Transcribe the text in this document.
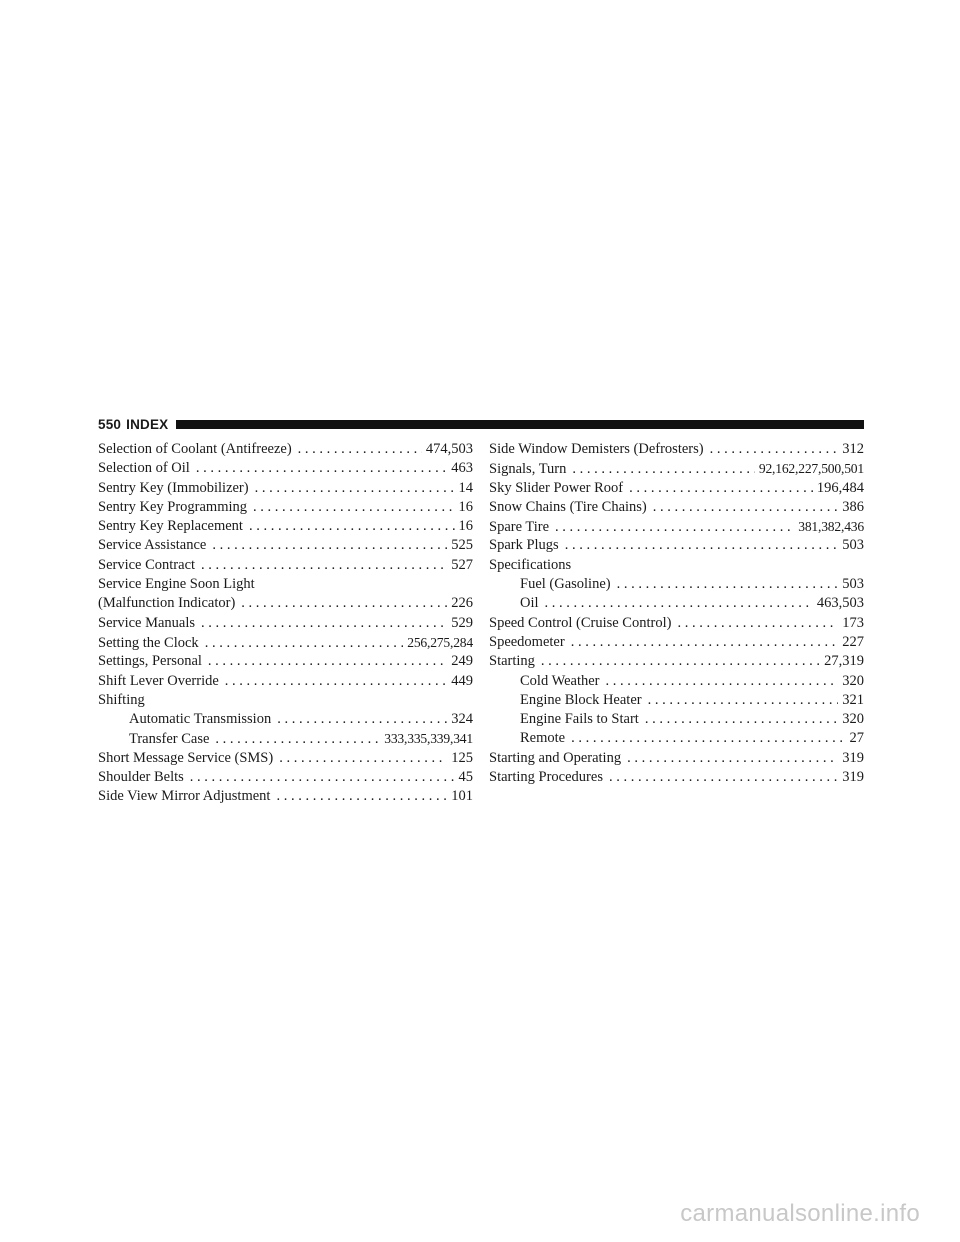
550 INDEX
Selection of Coolant (Antifreeze) . . .	474,503
Selection of Oil . . .	463
Sentry Key (Immobilizer) . . .	14
Sentry Key Programming . . .	16
Sentry Key Replacement . . .	16
Service Assistance . . .	525
Service Contract . . .	527
Service Engine Soon Light
(Malfunction Indicator) . . .	226
Service Manuals . . .	529
Setting the Clock . . .	256,275,284
Settings, Personal . . .	249
Shift Lever Override . . .	449
Shifting
Automatic Transmission . . .	324
Transfer Case . . .	333,335,339,341
Short Message Service (SMS) . . .	125
Shoulder Belts . . .	45
Side View Mirror Adjustment . . .	101
Side Window Demisters (Defrosters) . . .	312
Signals, Turn . . .	92,162,227,500,501
Sky Slider Power Roof . . .	196,484
Snow Chains (Tire Chains) . . .	386
Spare Tire . . .	381,382,436
Spark Plugs . . .	503
Specifications
Fuel (Gasoline) . . .	503
Oil . . .	463,503
Speed Control (Cruise Control) . . .	173
Speedometer . . .	227
Starting . . .	27,319
Cold Weather . . .	320
Engine Block Heater . . .	321
Engine Fails to Start . . .	320
Remote . . .	27
Starting and Operating . . .	319
Starting Procedures . . .	319
carmanualsonline.info
